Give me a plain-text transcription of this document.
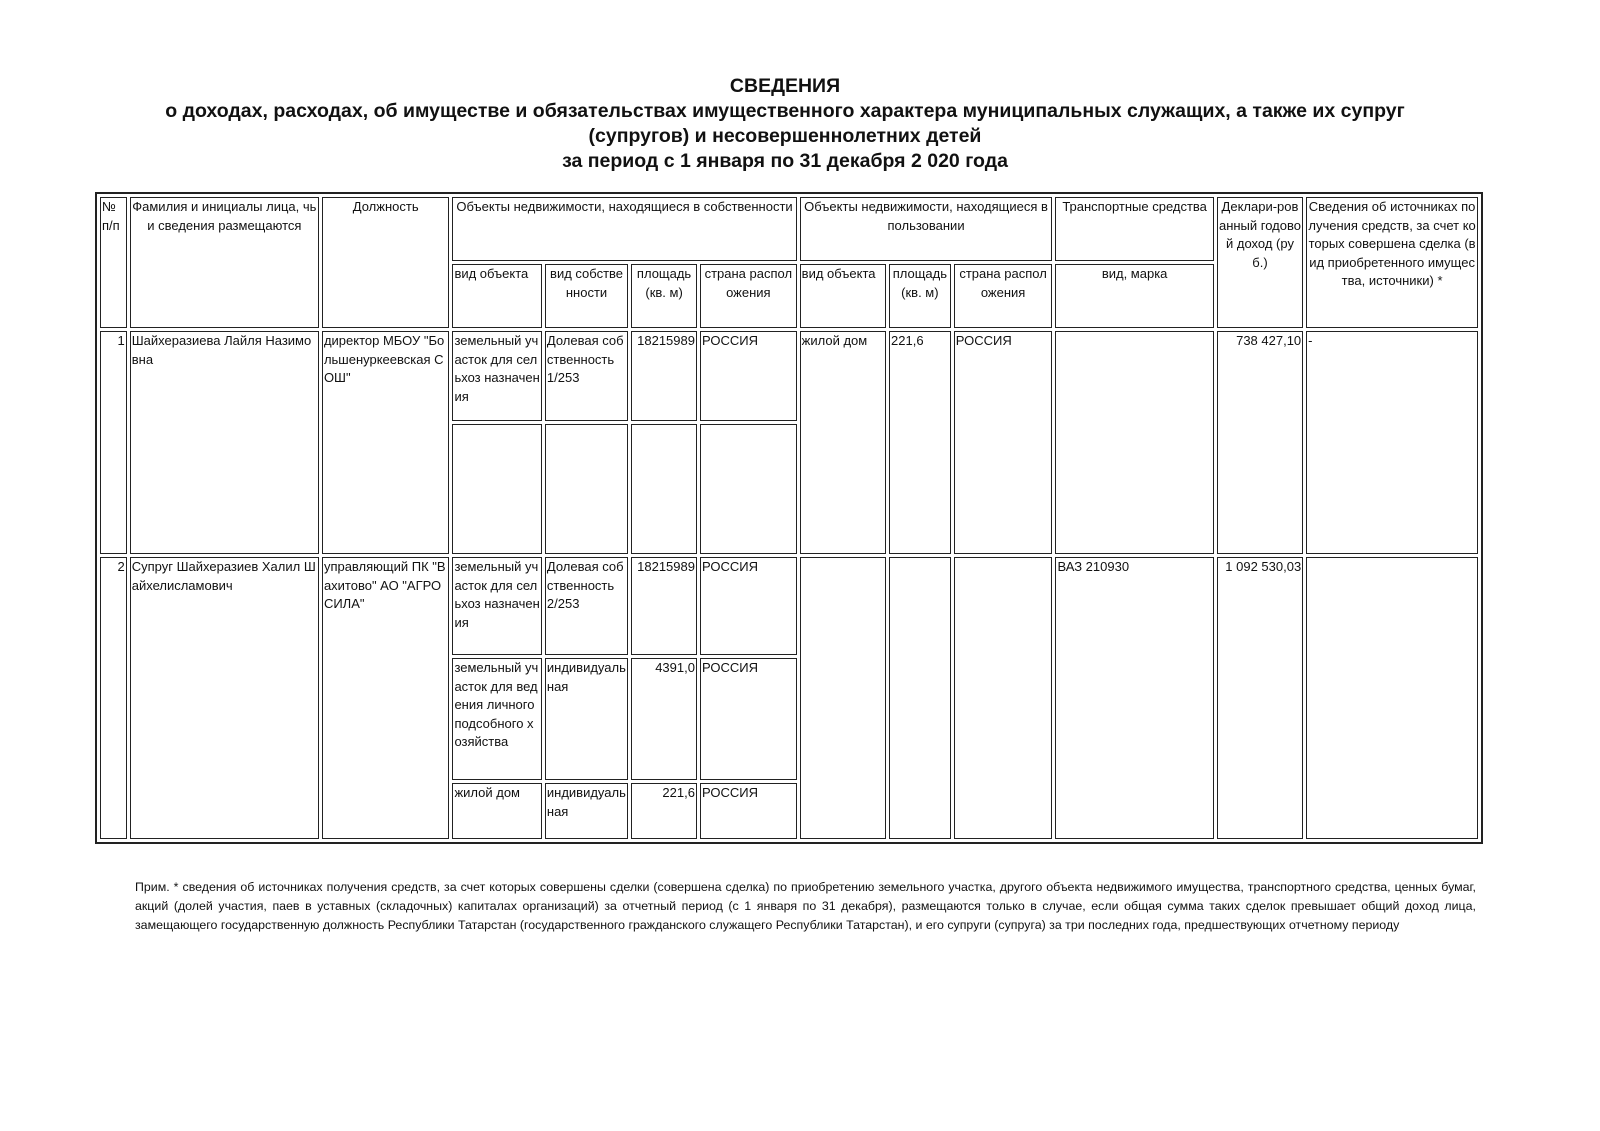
СВЕДЕНИЯ
о доходах, расходах, об имуществе и обязательствах имущественного характера муниципальных служащих, а также их супруг
(супругов) и несовершеннолетних детей
за период с 1 января по 31 декабря 2 020 года
№ п/п	Фамилия и инициалы лица, чьи сведения размещаются	Должность	Объекты недвижимости, находящиеся в собственности				Объекты недвижимости, находящиеся в пользовании			Транспортные средства	Деклари-рованный годовой доход (руб.)	Сведения об источниках получения средств, за счет которых совершена сделка (вид приобретенного имущества, источники) *
			вид объекта	вид собственности	площадь (кв. м)	страна расположения	вид объекта	площадь (кв. м)	страна расположения	вид, марка		
1	Шайхеразиева Лайля Назимовна	директор МБОУ "Большенуркеевская СОШ"	земельный участок для сельхоз назначения	Долевая собственность 1/253	18215989	РОССИЯ	жилой дом	221,6	РОССИЯ		738 427,10	-

2	Супруг Шайхеразиев Халил Шайхелисламович	управляющий ПК "Вахитово" АО "АГРОСИЛА"	земельный участок для сельхоз назначения	Долевая собственность 2/253	18215989	РОССИЯ				ВАЗ 210930	1 092 530,03	
			земельный участок для ведения личного подсобного хозяйства	индивидуальная	4391,0	РОССИЯ						
			жилой дом	индивидуальная	221,6	РОССИЯ						
Прим. * сведения об источниках получения средств, за счет которых совершены сделки (совершена сделка) по приобретению земельного участка, другого объекта недвижимого имущества, транспортного средства, ценных бумаг, акций (долей участия, паев в уставных (складочных) капиталах организаций) за отчетный период (с 1 января по 31 декабря), размещаются только в случае, если общая сумма таких сделок превышает общий доход лица, замещающего государственную должность Республики Татарстан (государственного гражданского служащего Республики Татарстан), и его супруги (супруга) за три последних года, предшествующих отчетному периоду
